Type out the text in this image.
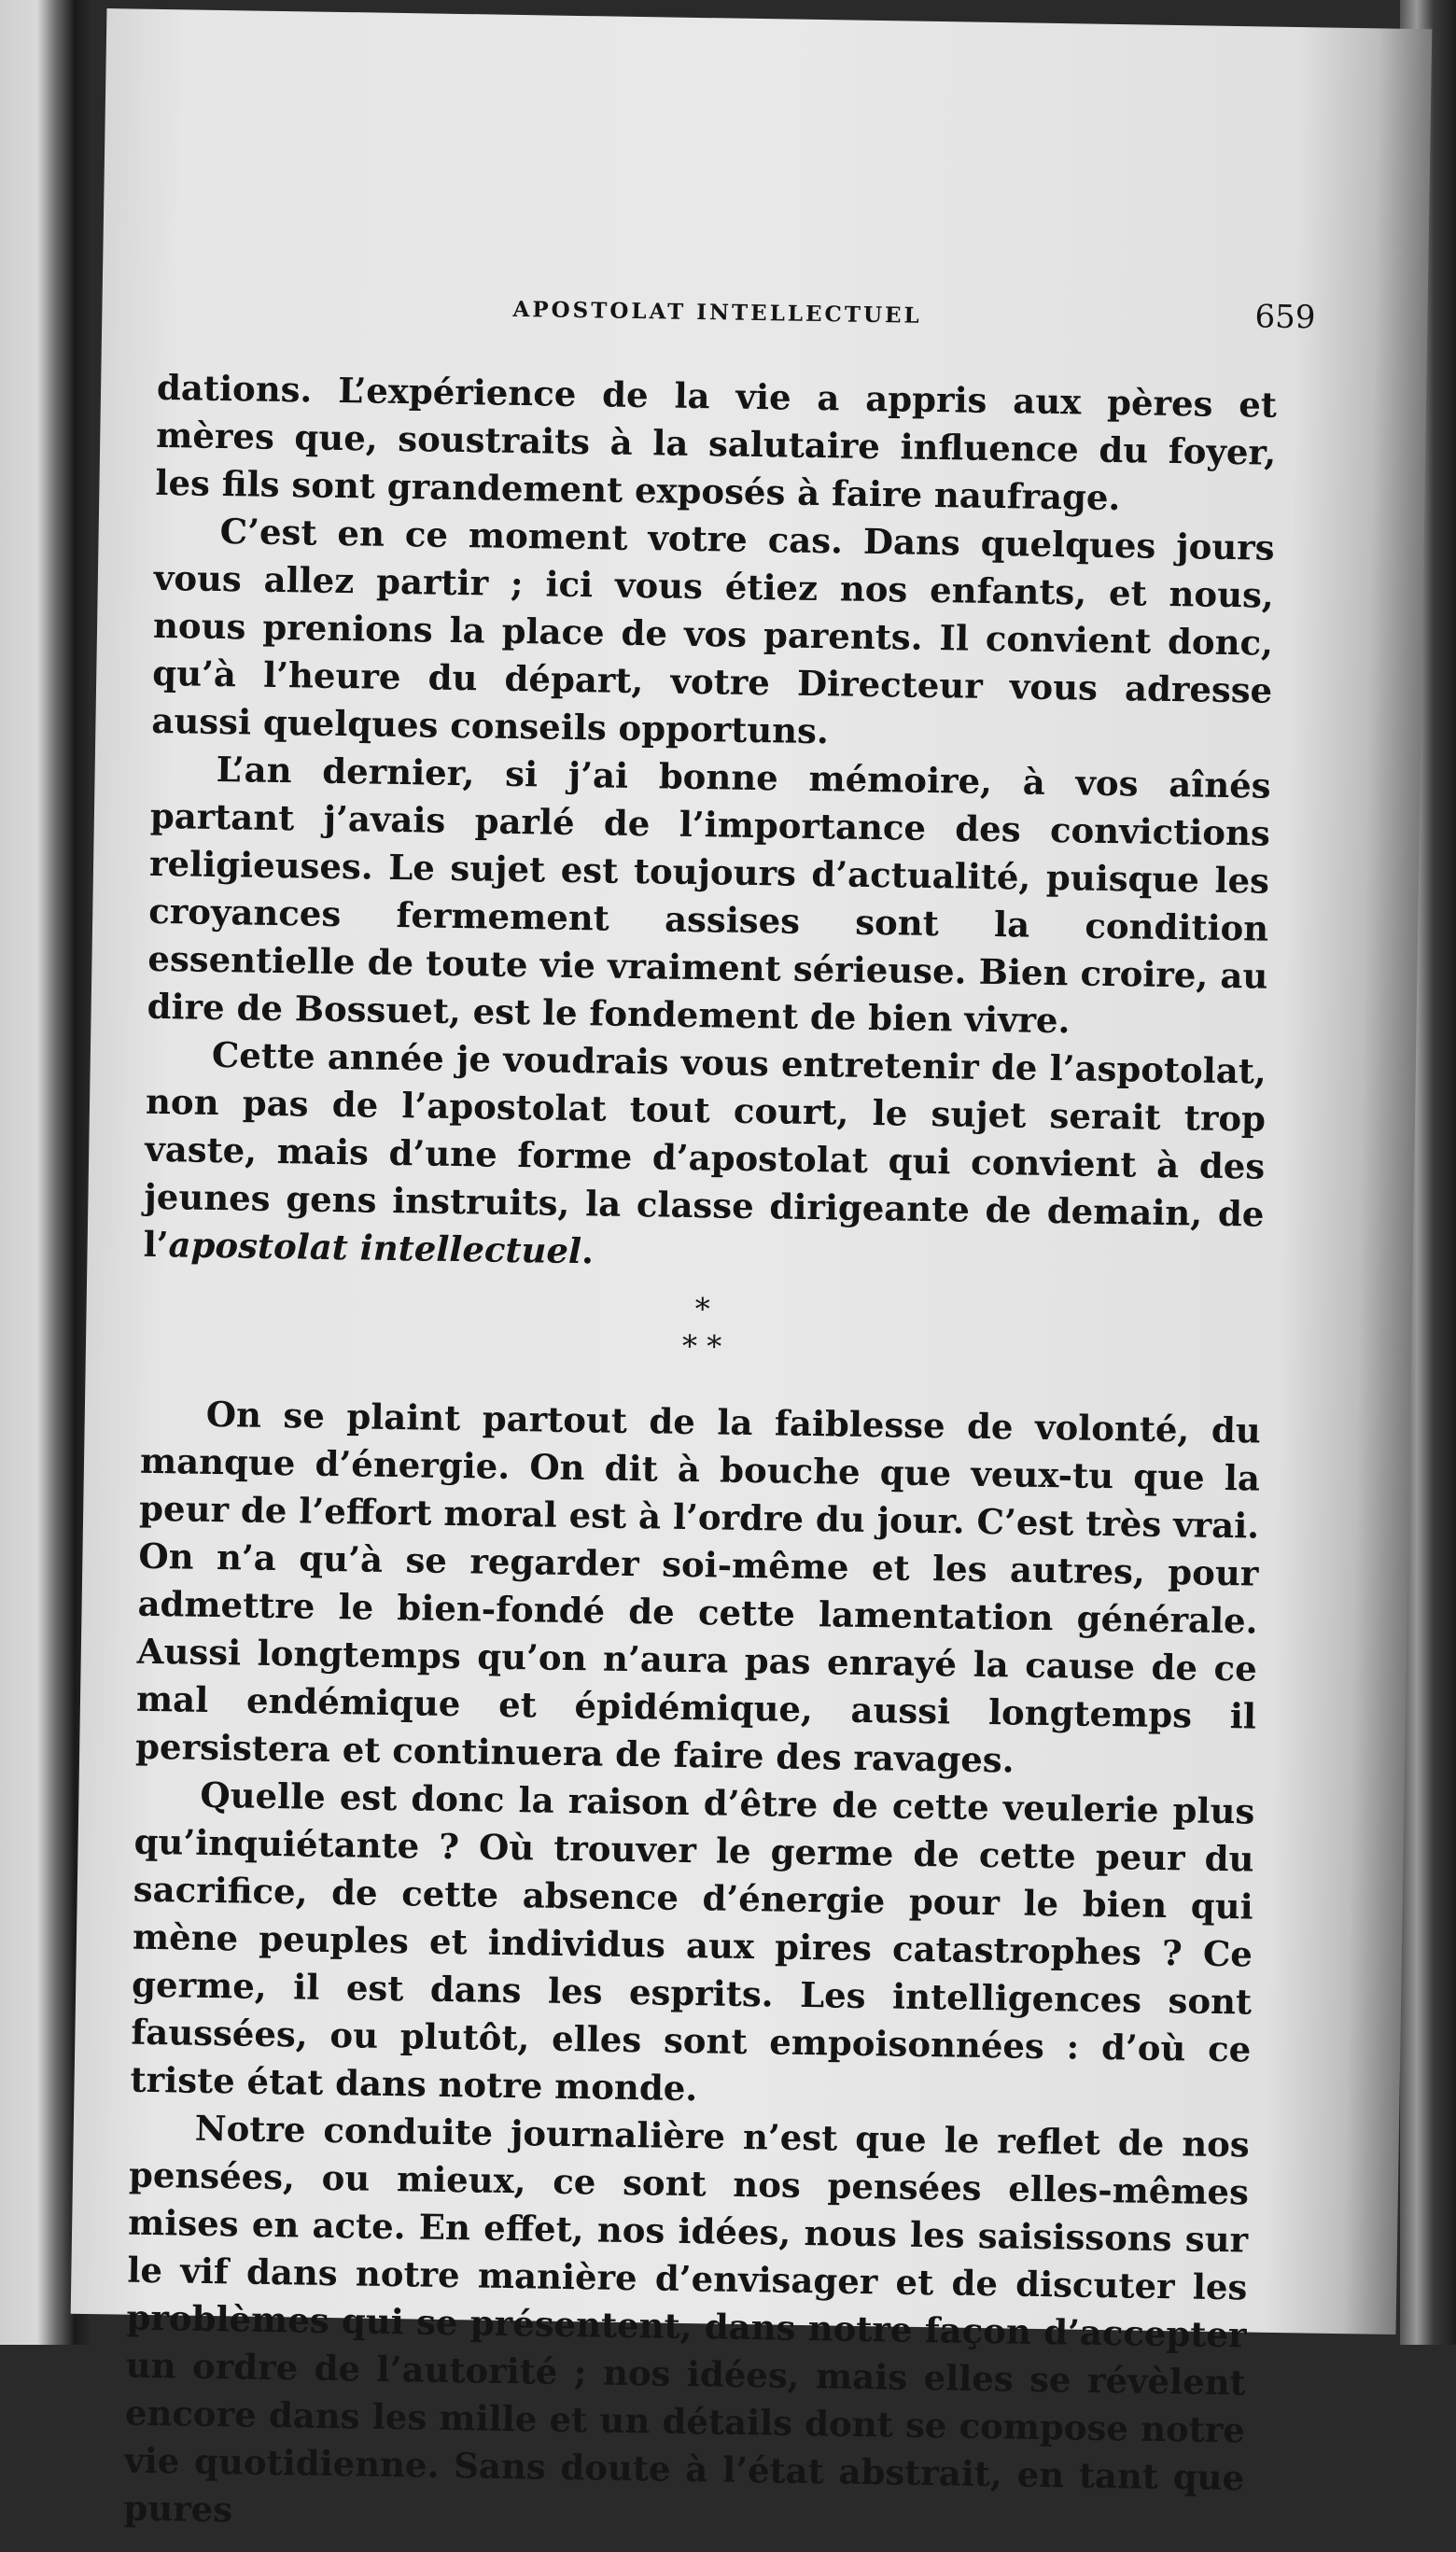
APOSTOLAT INTELLECTUEL	659

dations. L’expérience de la vie a appris aux pères et mères que, soustraits à la salutaire influence du foyer, les fils sont grandement exposés à faire naufrage.

C’est en ce moment votre cas. Dans quelques jours vous allez partir ; ici vous étiez nos enfants, et nous, nous prenions la place de vos parents. Il convient donc, qu’à l’heure du départ, votre Directeur vous adresse aussi quelques conseils opportuns.

L’an dernier, si j’ai bonne mémoire, à vos aînés partant j’avais parlé de l’importance des convictions religieuses. Le sujet est toujours d’actualité, puisque les croyances fermement assises sont la condition essentielle de toute vie vraiment sérieuse. Bien croire, au dire de Bossuet, est le fondement de bien vivre.

Cette année je voudrais vous entretenir de l’aspotolat, non pas de l’apostolat tout court, le sujet serait trop vaste, mais d’une forme d’apostolat qui convient à des jeunes gens instruits, la classe dirigeante de demain, de l’apostolat intellectuel.

*
* *

On se plaint partout de la faiblesse de volonté, du manque d’énergie. On dit à bouche que veux-tu que la peur de l’effort moral est à l’ordre du jour. C’est très vrai. On n’a qu’à se regarder soi-même et les autres, pour admettre le bien-fondé de cette lamentation générale. Aussi longtemps qu’on n’aura pas enrayé la cause de ce mal endémique et épidémique, aussi longtemps il persistera et continuera de faire des ravages.

Quelle est donc la raison d’être de cette veulerie plus qu’inquiétante ? Où trouver le germe de cette peur du sacrifice, de cette absence d’énergie pour le bien qui mène peuples et individus aux pires catastrophes ? Ce germe, il est dans les esprits. Les intelligences sont faussées, ou plutôt, elles sont empoisonnées : d’où ce triste état dans notre monde.

Notre conduite journalière n’est que le reflet de nos pensées, ou mieux, ce sont nos pensées elles-mêmes mises en acte. En effet, nos idées, nous les saisissons sur le vif dans notre manière d’envisager et de discuter les problèmes qui se présentent, dans notre façon d’accepter un ordre de l’autorité ; nos idées, mais elles se révèlent encore dans les mille et un détails dont se compose notre vie quotidienne. Sans doute à l’état abstrait, en tant que pures
